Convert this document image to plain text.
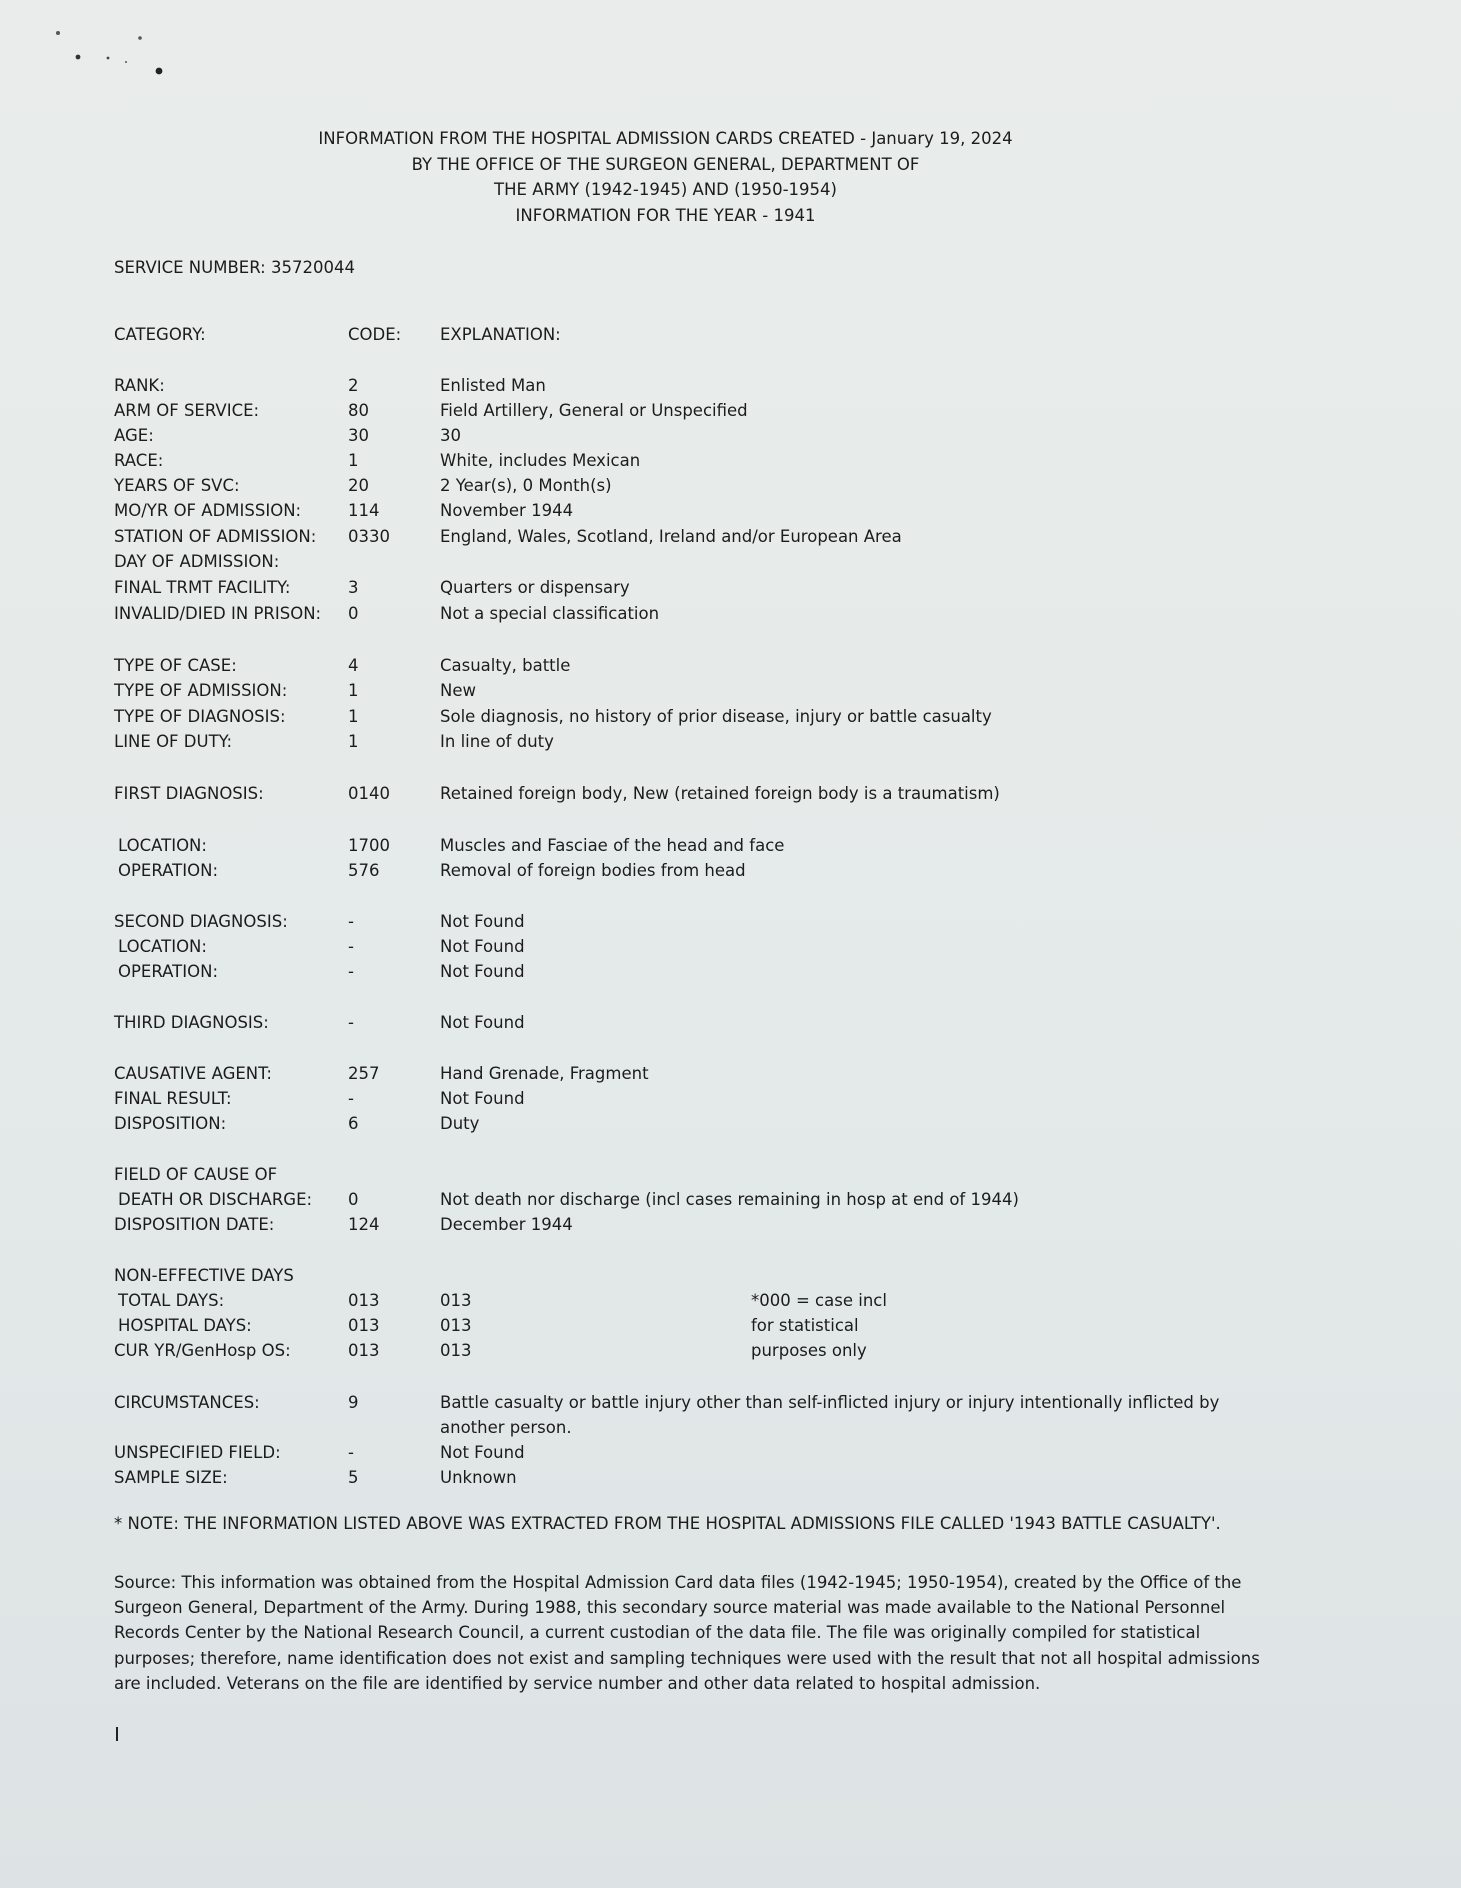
INFORMATION FROM THE HOSPITAL ADMISSION CARDS CREATED - January 19, 2024
BY THE OFFICE OF THE SURGEON GENERAL, DEPARTMENT OF
THE ARMY (1942-1945) AND (1950-1954)
INFORMATION FOR THE YEAR - 1941
SERVICE NUMBER: 35720044
CATEGORY:	CODE: EXPLANATION:
RANK:	2	Enlisted Man
ARM OF SERVICE:	80	Field Artillery, General or Unspecified
AGE:	30	30
RACE:	1	White, includes Mexican
YEARS OF SVC:	20	2 Year(s), 0 Month(s)
MO/YR OF ADMISSION:	114	November 1944
STATION OF ADMISSION: 0330	England, Wales, Scotland, Ireland and/or European Area
DAY OF ADMISSION:
FINAL TRMT FACILITY:	3	Quarters or dispensary
INVALID/DIED IN PRISON: 0	Not a special classification
TYPE OF CASE:	4	Casualty, battle
TYPE OF ADMISSION:	1	New
TYPE OF DIAGNOSIS:	1	Sole diagnosis, no history of prior disease, injury or battle casualty
LINE OF DUTY:	1	In line of duty
FIRST DIAGNOSIS:	0140	Retained foreign body, New (retained foreign body is a traumatism)
LOCATION:	1700	Muscles and Fasciae of the head and face
OPERATION:	576	Removal of foreign bodies from head
SECOND DIAGNOSIS:	-	Not Found
LOCATION:	-	Not Found
OPERATION:	-	Not Found
THIRD DIAGNOSIS:	-	Not Found
CAUSATIVE AGENT:	257	Hand Grenade, Fragment
FINAL RESULT:	-	Not Found
DISPOSITION:	6	Duty
FIELD OF CAUSE OF
DEATH OR DISCHARGE: 0	Not death nor discharge (incl cases remaining in hosp at end of 1944)
DISPOSITION DATE:	124	December 1944
NON-EFFECTIVE DAYS
TOTAL DAYS:	013	013	*000 = case incl
HOSPITAL DAYS:	013	013	for statistical
CUR YR/GenHosp OS:	013	013	purposes only
CIRCUMSTANCES:	9	Battle casualty or battle injury other than self-inflicted injury or injury intentionally inflicted by another person.
UNSPECIFIED FIELD:	-	Not Found
SAMPLE SIZE:	5	Unknown
* NOTE: THE INFORMATION LISTED ABOVE WAS EXTRACTED FROM THE HOSPITAL ADMISSIONS FILE CALLED '1943 BATTLE CASUALTY'.

Source: This information was obtained from the Hospital Admission Card data files (1942-1945; 1950-1954), created by the Office of the

Surgeon General, Department of the Army. During 1988, this secondary source material was made available to the National Personnel

Records Center by the National Research Council, a current custodian of the data file. The file was originally compiled for statistical

purposes; therefore, name identification does not exist and sampling techniques were used with the result that not all hospital admissions

are included. Veterans on the file are identified by service number and other data related to hospital admission.
